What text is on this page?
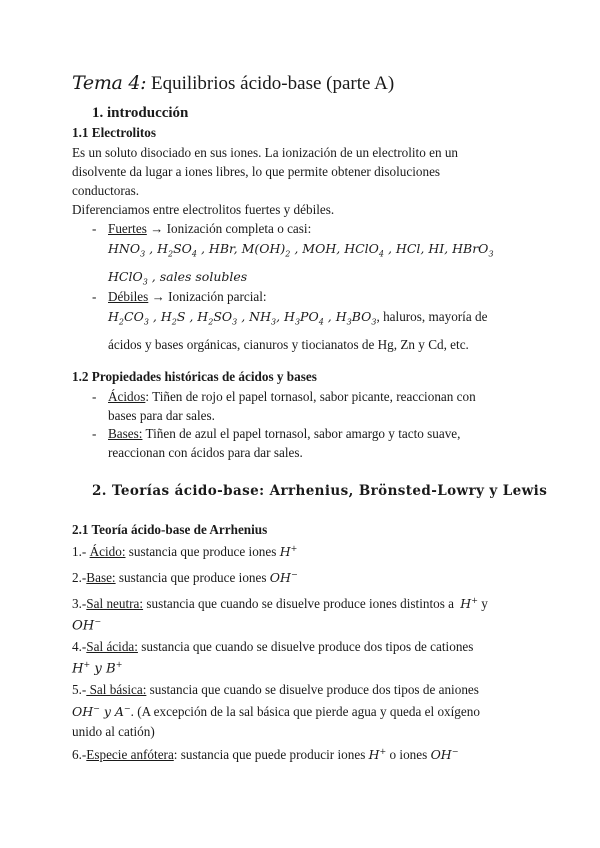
Tema 4: Equilibrios ácido-base (parte A)
1. introducción
1.1 Electrolitos
Es un soluto disociado en sus iones. La ionización de un electrolito en un
disolvente da lugar a iones libres, lo que permite obtener disoluciones
conductoras.
Diferenciamos entre electrolitos fuertes y débiles.
- Fuertes → Ionización completa o casi:
$HNO_3$ , $H_2SO_4$ , HBr, $M(OH)_2$ , MOH, HClO$_4$ , HCl, HI, HBrO$_3$
HClO$_3$ , sales solubles
- Débiles → Ionización parcial:
$H_2CO_3$ , $H_2S$ , $H_2SO_3$ , $NH_3$, $H_3PO_4$ , $H_3BO_3$, haluros, mayoría de
ácidos y bases orgánicas, cianuros y tiocianatos de Hg, Zn y Cd, etc.
1.2 Propiedades históricas de ácidos y bases
- Ácidos: Tiñen de rojo el papel tornasol, sabor picante, reaccionan con
bases para dar sales.
- Bases: Tiñen de azul el papel tornasol, sabor amargo y tacto suave,
reaccionan con ácidos para dar sales.
2. Teorías ácido-base: Arrhenius, Brönsted-Lowry y Lewis
2.1 Teoría ácido-base de Arrhenius
1.- Ácido: sustancia que produce iones H+
2.-Base: sustancia que produce iones OH−
3.-Sal neutra: sustancia que cuando se disuelve produce iones distintos a H+ y
OH−
4.-Sal ácida: sustancia que cuando se disuelve produce dos tipos de cationes
H+ y B+
5.- Sal básica: sustancia que cuando se disuelve produce dos tipos de aniones
OH− y A−. (A excepción de la sal básica que pierde agua y queda el oxígeno
unido al catión)
6.-Especie anfótera: sustancia que puede producir iones H+ o iones OH−
